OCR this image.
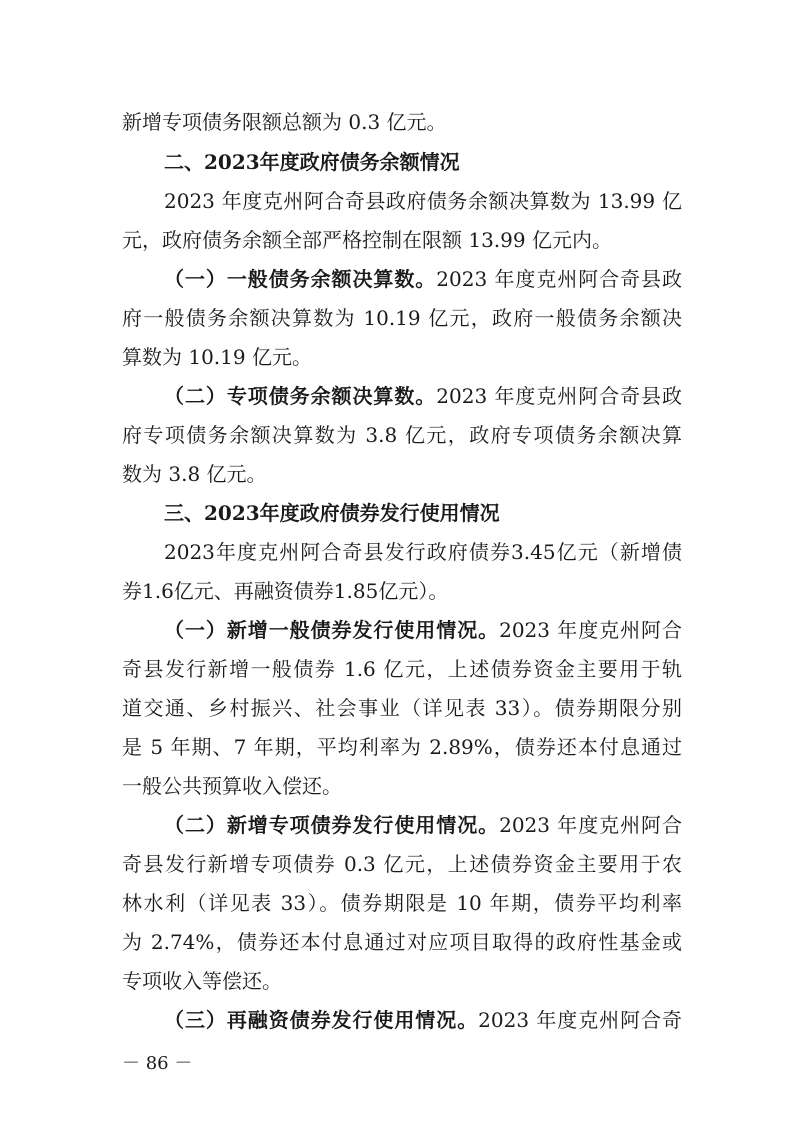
新增专项债务限额总额为 0.3 亿元。
二、2023年度政府债务余额情况
2023 年度克州阿合奇县政府债务余额决算数为 13.99 亿
元，政府债务余额全部严格控制在限额 13.99 亿元内。
（一）一般债务余额决算数。2023 年度克州阿合奇县政
府一般债务余额决算数为 10.19 亿元，政府一般债务余额决
算数为 10.19 亿元。
（二）专项债务余额决算数。2023 年度克州阿合奇县政
府专项债务余额决算数为 3.8 亿元，政府专项债务余额决算
数为 3.8 亿元。
三、2023年度政府债券发行使用情况
2023年度克州阿合奇县发行政府债券3.45亿元（新增债
券1.6亿元、再融资债券1.85亿元）。
（一）新增一般债券发行使用情况。2023 年度克州阿合
奇县发行新增一般债券 1.6 亿元，上述债券资金主要用于轨
道交通、乡村振兴、社会事业（详见表 33）。债券期限分别
是 5 年期、7 年期，平均利率为 2.89%，债券还本付息通过
一般公共预算收入偿还。
（二）新增专项债券发行使用情况。2023 年度克州阿合
奇县发行新增专项债券 0.3 亿元，上述债券资金主要用于农
林水利（详见表 33）。债券期限是 10 年期，债券平均利率
为 2.74%，债券还本付息通过对应项目取得的政府性基金或
专项收入等偿还。
（三）再融资债券发行使用情况。2023 年度克州阿合奇
－ 86 －
